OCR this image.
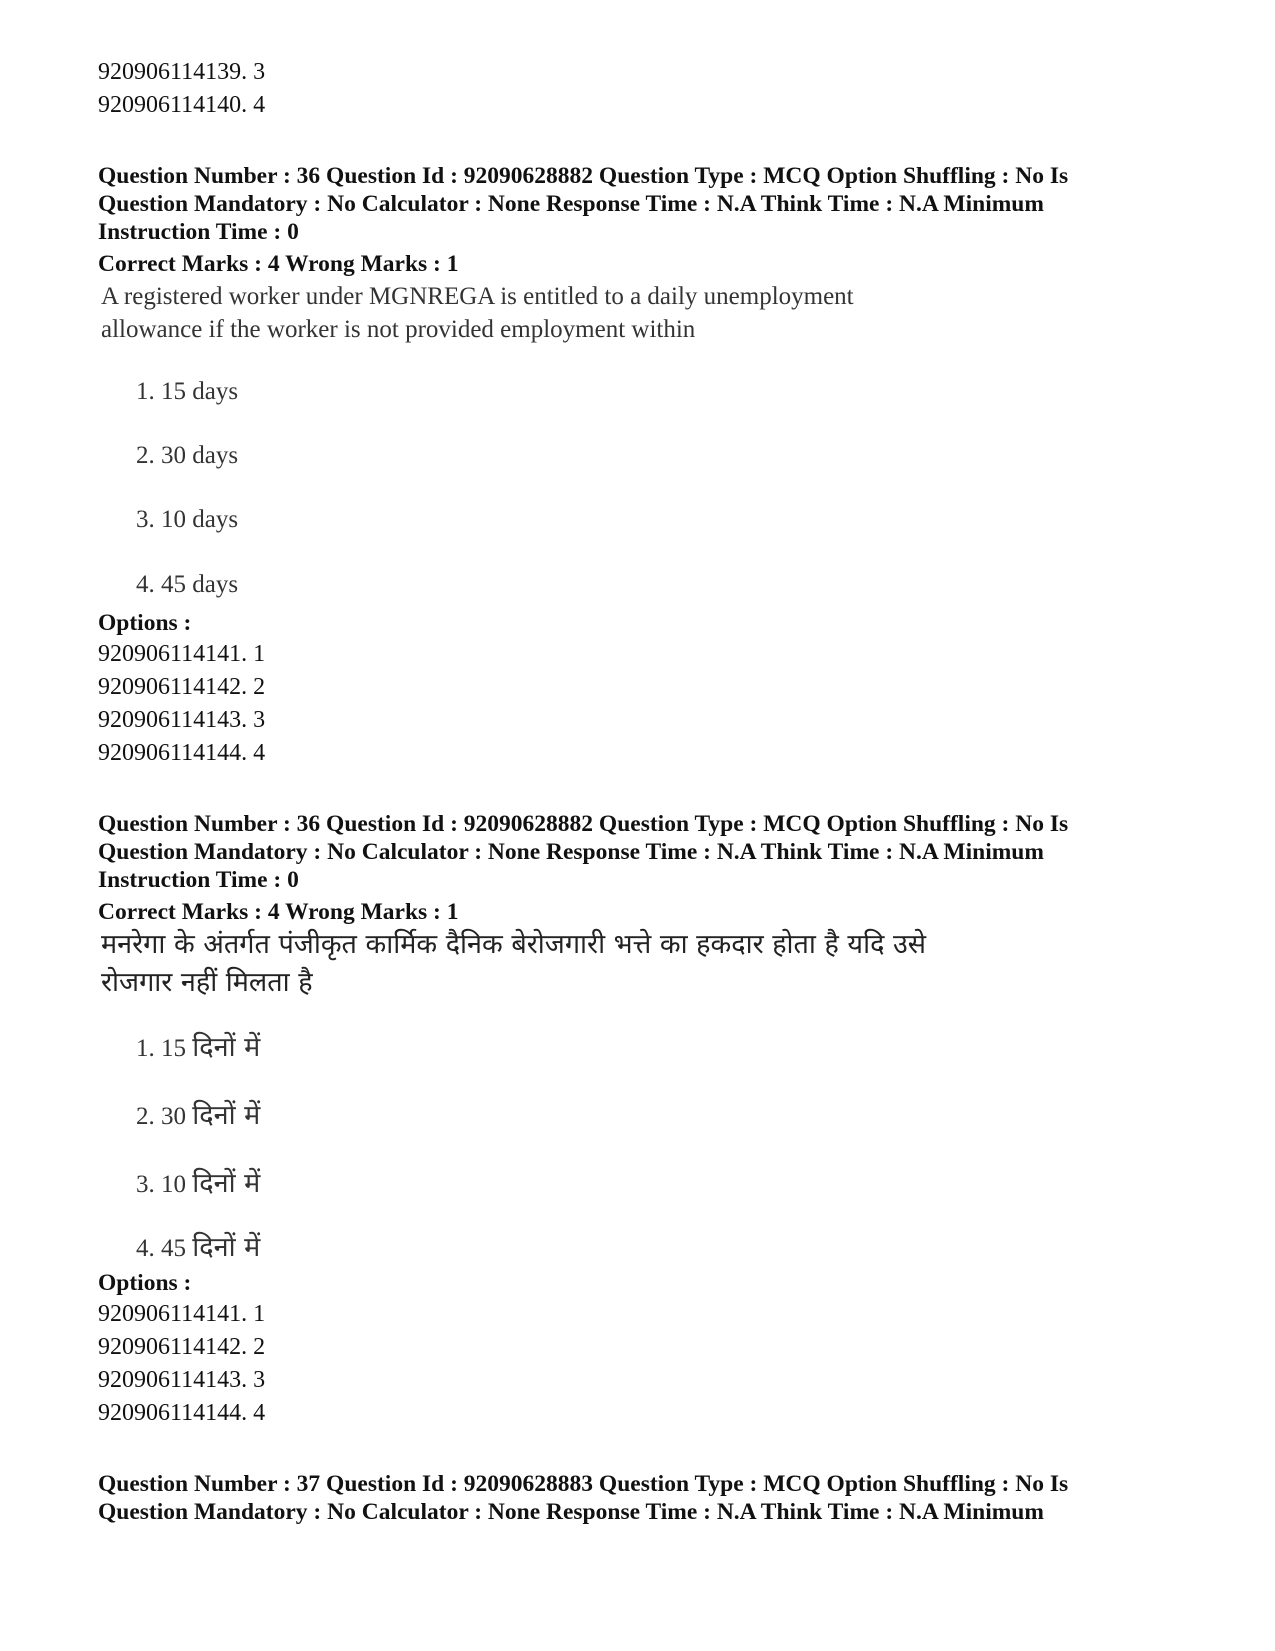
920906114139. 3
920906114140. 4
Question Number : 36 Question Id : 92090628882 Question Type : MCQ Option Shuffling : No Is
Question Mandatory : No Calculator : None Response Time : N.A Think Time : N.A Minimum
Instruction Time : 0
Correct Marks : 4 Wrong Marks : 1
A registered worker under MGNREGA is entitled to a daily unemployment
allowance if the worker is not provided employment within
1. 15 days
2. 30 days
3. 10 days
4. 45 days
Options :
920906114141. 1
920906114142. 2
920906114143. 3
920906114144. 4
Question Number : 36 Question Id : 92090628882 Question Type : MCQ Option Shuffling : No Is
Question Mandatory : No Calculator : None Response Time : N.A Think Time : N.A Minimum
Instruction Time : 0
Correct Marks : 4 Wrong Marks : 1
मनरेगा के अंतर्गत पंजीकृत कार्मिक दैनिक बेरोजगारी भत्ते का हकदार होता है यदि उसे
रोजगार नहीं मिलता है
1. 15 दिनों में
2. 30 दिनों में
3. 10 दिनों में
4. 45 दिनों में
Options :
920906114141. 1
920906114142. 2
920906114143. 3
920906114144. 4
Question Number : 37 Question Id : 92090628883 Question Type : MCQ Option Shuffling : No Is
Question Mandatory : No Calculator : None Response Time : N.A Think Time : N.A Minimum
